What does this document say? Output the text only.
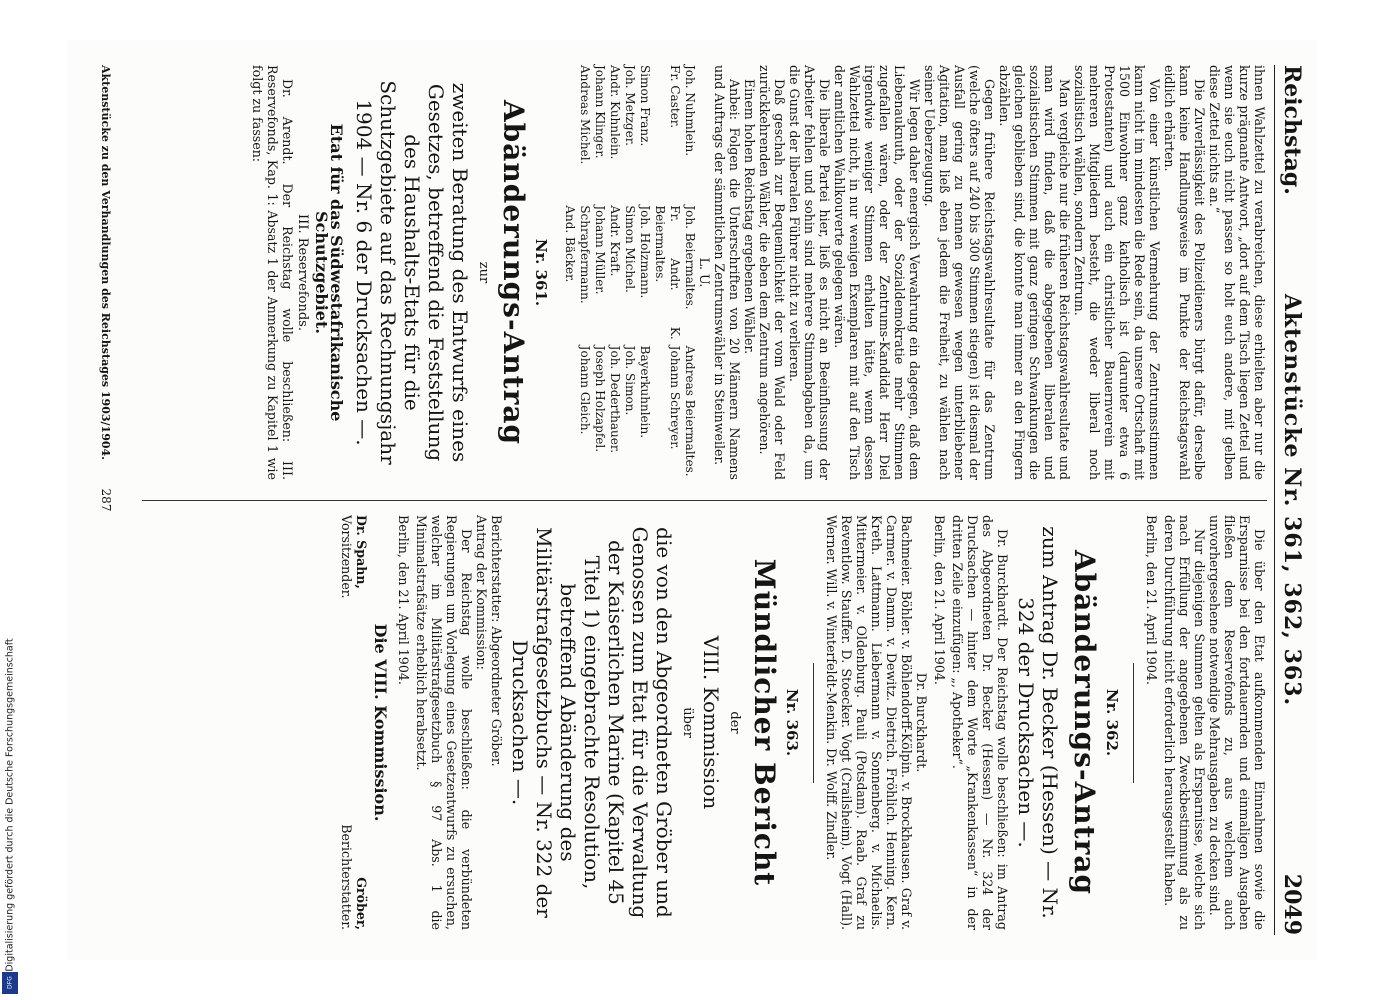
Reichstag.
Aktenstücke Nr. 361, 362, 363.
2049

ihnen Wahlzettel zu verabreichen, diese erhielten aber nur die kurze prägnante Antwort, „dort auf dem Tisch liegen Zettel und wenn sie euch nicht passen so holt euch andere, mit gelben diese Zettel nichts an.“

Die Zuverlässigkeit des Polizeidieners bürgt dafür, derselbe kann keine Handlungsweise im Punkte der Reichstagswahl eidlich erhärten.

Von einer künstlichen Vermehrung der Zentrumsstimmen kann nicht im mindesten die Rede sein, da unsere Ortschaft mit 1500 Einwohner ganz katholisch ist (darunter etwa 6 Protestanten) und auch ein christlicher Bauernverein mit mehreren Mitgliedern besteht, die weder liberal noch sozialistisch wählen, sondern Zentrum.

Man vergleiche nur die früheren Reichstagswahlresultate und man wird finden, daß die abgegebenen liberalen und sozialistischen Stimmen mit ganz geringen Schwankungen die gleichen geblieben sind, die konnte man immer an den Fingern abzählen.

Gegen frühere Reichstagswahlresultate für das Zentrum (welche öfters auf 240 bis 300 Stimmen stiegen) ist diesmal der Ausfall gering zu nennen gewesen wegen unterbliebener Agitation, man ließ eben jedem die Freiheit, zu wählen nach seiner Ueberzeugung.

Wir legen daher energisch Verwahrung ein dagegen, daß dem Liebenauknuth, oder der Sozialdemokratie mehr Stimmen zugefallen wären, oder der Zentrums-Kandidat Herr Diel irgendwie weniger Stimmen erhalten hätte, wenn dessen Wahlzettel nicht, in nur wenigen Exemplaren mit auf den Tisch der amtlichen Wahlkouverte gelegen wären.

Die liberale Partei hier, ließ es nicht an Beeinflussung der Arbeiter fehlen und sohin sind mehrere Stimmabgaben da, um die Gunst der liberalen Führer nicht zu verlieren.

Daß geschah zur Bequemlichkeit der vom Wald oder Feld zurückkehrenden Wähler, die eben dem Zentrum angehören.

Einem hohen Reichstag ergebenen Wähler.

Anbei: Folgen die Unterschriften von 20 Männern Namens und Auftrags der sämmtlichen Zentrumswähler in Steinweiler.

L. U.

Joh. Nuhmlein.
Joh. Beiermaltes.
Andreas Beiermaltes.
Fr. Caster.
Fr. Andr. K. Beiermaltes.
Johann Schreyer.
Simon Franz.
Joh. Holzmann.
Bayerkuhnlein.
Joh. Metzger.
Simon Michel.
Joh. Simon.
Andr. Kuhnlein.
Andr. Kraft.
Joh. Dederthauer.
Johann Klinger.
Johann Müller.
Joseph Holzapfel.
Andreas Michel.
Schrapfermann.
Johann Gleich.
And. Bäcker.
Nr. 361.
Abänderungs-Antrag
zur
zweiten Beratung des Entwurfs eines Gesetzes, betreffend die Feststellung des Haushalts-Etats für die Schutzgebiete auf das Rechnungsjahr 1904 — Nr. 6 der Drucksachen —.
Etat für das Südwestafrikanische Schutzgebiet.
III. Reservefonds.

Dr. Arendt. Der Reichstag wolle beschließen: III. Reservefonds, Kap. 1: Absatz 1 der Anmerkung zu Kapitel 1 wie folgt zu fassen:

Die über den Etat aufkommenden Einnahmen sowie die Ersparnisse bei den fortdauernden und einmaligen Ausgaben fließen dem Reservefonds zu, aus welchem auch unvorhergesehene notwendige Mehrausgaben zu decken sind.

Nur diejenigen Summen gelten als Ersparnisse, welche sich nach Erfüllung der angegebenen Zweckbestimmung als zu deren Durchführung nicht erforderlich herausgestellt haben.

Berlin, den 21. April 1904.

Nr. 362.
Abänderungs-Antrag
zum Antrag Dr. Becker (Hessen) — Nr. 324 der Drucksachen —.

Dr. Burckhardt. Der Reichstag wolle beschließen: im Antrag des Abgeordneten Dr. Becker (Hessen) — Nr. 324 der Drucksachen — hinter dem Worte „Krankenkassen“ in der dritten Zeile einzufügen: „, Apotheker“.

Berlin, den 21. April 1904.

Dr. Burckhardt.

Bachmeier. Böhler. v. Böhlendorff-Kölpin. v. Brockhausen. Graf v. Carmer. v. Damm. v. Dewitz. Dietrich. Fröhlich. Henning. Kern. Kreth. Lattmann. Liebermann v. Sonnenberg. v. Michaelis. Mittermeier. v. Oldenburg. Pauli (Potsdam). Raab. Graf zu Reventlow. Stauffer. D. Stoecker. Vogt (Crailsheim). Vogt (Hall). Werner. Will. v. Winterfeldt-Menkin. Dr. Wolff. Zindler.

Nr. 363.
Mündlicher Bericht
der
VIII. Kommission
über
die von den Abgeordneten Gröber und Genossen zum Etat für die Verwaltung der Kaiserlichen Marine (Kapitel 45 Titel 1) eingebrachte Resolution, betreffend Abänderung des Militärstrafgesetzbuchs — Nr. 322 der Drucksachen —.

Berichterstatter: Abgeordneter Gröber.

Antrag der Kommission:

Der Reichstag wolle beschließen: die verbündeten Regierungen um Vorlegung eines Gesetzentwurfs zu ersuchen, welcher im Militärstrafgesetzbuch § 97 Abs. 1 die Minimalstrafsätze erheblich herabsetzt.

Berlin, den 21. April 1904.

Die VIII. Kommission.
Dr. Spahn,
Vorsitzender.
Gröber,
Berichterstatter.
Aktenstücke zu den Verhandlungen des Reichstages 1903/1904.
287
Digitalisierung gefördert durch die Deutsche Forschungsgemeinschaft
DFG
